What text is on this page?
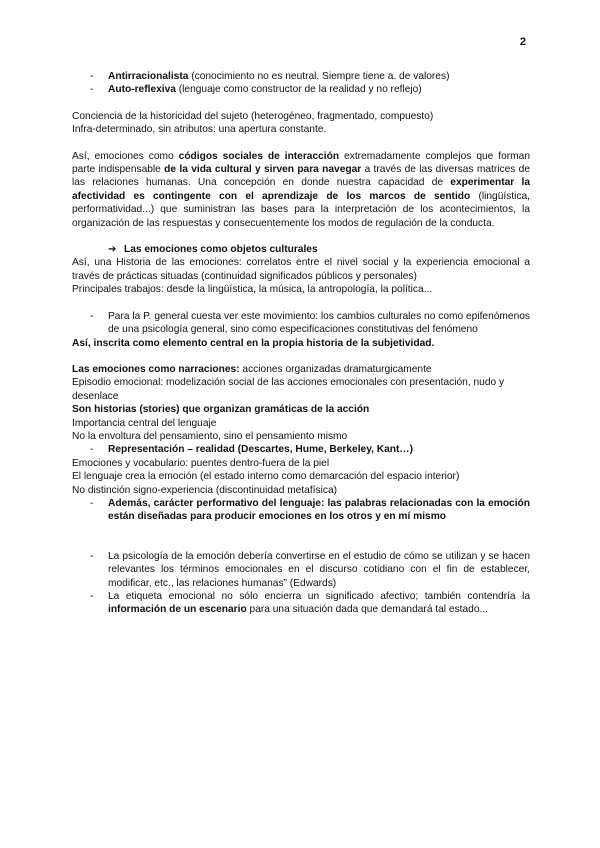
2
-	Antirracionalista (conocimiento no es neutral. Siempre tiene a. de valores)
-	Auto-reflexiva (lenguaje como constructor de la realidad y no reflejo)

Conciencia de la historicidad del sujeto (heterogéneo, fragmentado, compuesto)

Infra-determinado, sin atributos: una apertura constante.

Así, emociones como códigos sociales de interacción extremadamente complejos que forman parte indispensable de la vida cultural y sirven para navegar a través de las diversas matrices de las relaciones humanas. Una concepción en donde nuestra capacidad de experimentar la afectividad es contingente con el aprendizaje de los marcos de sentido (lingüística, performatividad...) que suministran las bases para la interpretación de los acontecimientos, la organización de las respuestas y consecuentemente los modos de regulación de la conducta.

➔ Las emociones como objetos culturales

Así, una Historia de las emociones: correlatos entre el nivel social y la experiencia emocional a través de prácticas situadas (continuidad significados públicos y personales)

Principales trabajos: desde la lingüística, la música, la antropología, la política...

-	Para la P. general cuesta ver este movimiento: los cambios culturales no como epifenómenos de una psicología general, sino como especificaciones constitutivas del fenómeno

Así, inscrita como elemento central en la propia historia de la subjetividad.

Las emociones como narraciones: acciones organizadas dramaturgicamente

Episodio emocional: modelización social de las acciones emocionales con presentación, nudo y desenlace

Son historias (stories) que organizan gramáticas de la acción

Importancia central del lenguaje

No la envoltura del pensamiento, sino el pensamiento mismo

-	Representación – realidad (Descartes, Hume, Berkeley, Kant…)

Emociones y vocabulario: puentes dentro-fuera de la piel

El lenguaje crea la emoción (el estado interno como demarcación del espacio interior)

No distinción signo-experiencia (discontinuidad metafísica)

-	Además, carácter performativo del lenguaje: las palabras relacionadas con la emoción están diseñadas para producir emociones en los otros y en mí mismo
-	La psicología de la emoción debería convertirse en el estudio de cómo se utilizan y se hacen relevantes los términos emocionales en el discurso cotidiano con el fin de establecer, modificar, etc., las relaciones humanas” (Edwards)
-	La etiqueta emocional no sólo encierra un significado afectivo; también contendría la información de un escenario para una situación dada que demandará tal estado...
